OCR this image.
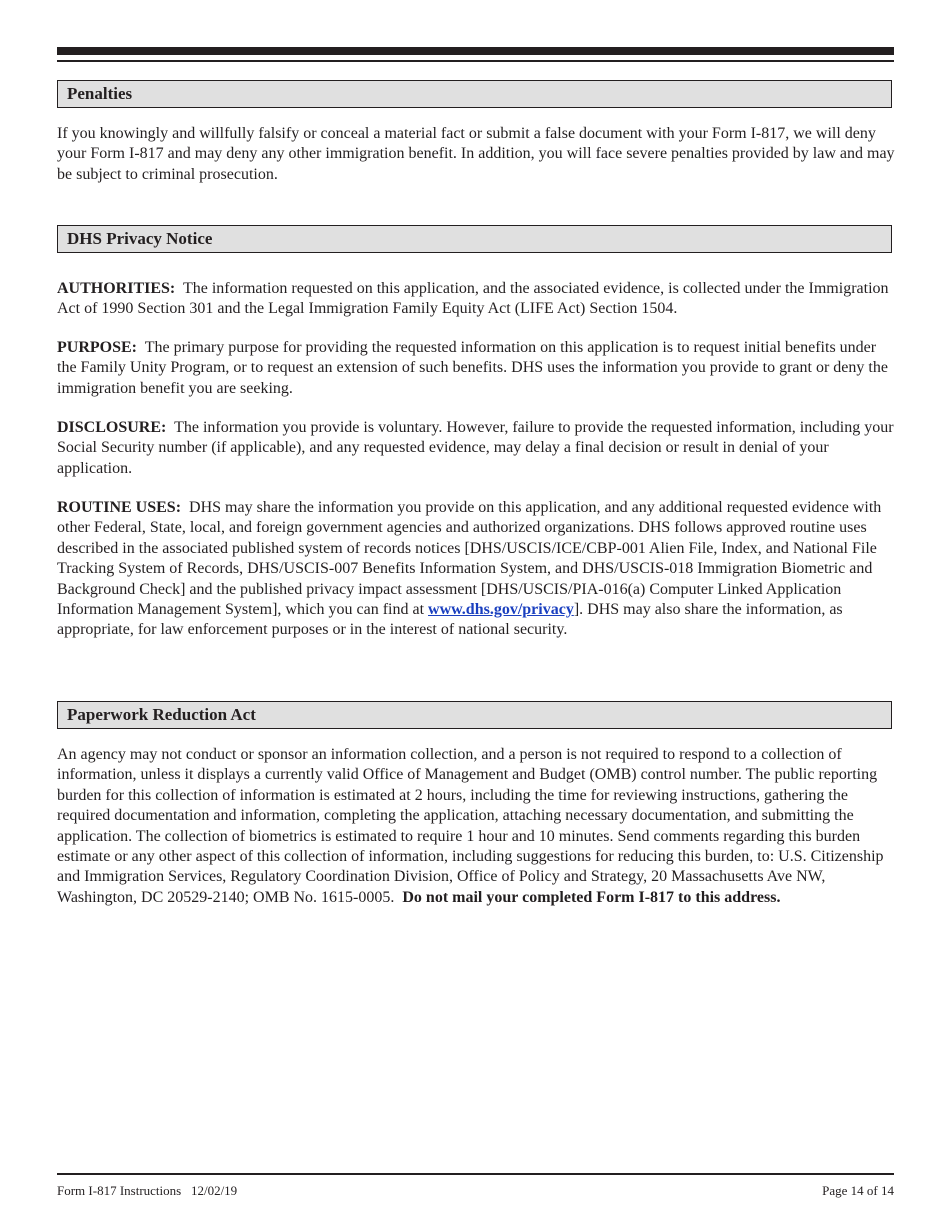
Penalties

If you knowingly and willfully falsify or conceal a material fact or submit a false document with your Form I-817, we will deny your Form I-817 and may deny any other immigration benefit. In addition, you will face severe penalties provided by law and may be subject to criminal prosecution.

DHS Privacy Notice

AUTHORITIES: The information requested on this application, and the associated evidence, is collected under the Immigration Act of 1990 Section 301 and the Legal Immigration Family Equity Act (LIFE Act) Section 1504.

PURPOSE: The primary purpose for providing the requested information on this application is to request initial benefits under the Family Unity Program, or to request an extension of such benefits. DHS uses the information you provide to grant or deny the immigration benefit you are seeking.

DISCLOSURE: The information you provide is voluntary. However, failure to provide the requested information, including your Social Security number (if applicable), and any requested evidence, may delay a final decision or result in denial of your application.

ROUTINE USES: DHS may share the information you provide on this application, and any additional requested evidence with other Federal, State, local, and foreign government agencies and authorized organizations. DHS follows approved routine uses described in the associated published system of records notices [DHS/USCIS/ICE/CBP-001 Alien File, Index, and National File Tracking System of Records, DHS/USCIS-007 Benefits Information System, and DHS/USCIS-018 Immigration Biometric and Background Check] and the published privacy impact assessment [DHS/USCIS/PIA-016(a) Computer Linked Application Information Management System], which you can find at www.dhs.gov/privacy]. DHS may also share the information, as appropriate, for law enforcement purposes or in the interest of national security.

Paperwork Reduction Act

An agency may not conduct or sponsor an information collection, and a person is not required to respond to a collection of information, unless it displays a currently valid Office of Management and Budget (OMB) control number. The public reporting burden for this collection of information is estimated at 2 hours, including the time for reviewing instructions, gathering the required documentation and information, completing the application, attaching necessary documentation, and submitting the application. The collection of biometrics is estimated to require 1 hour and 10 minutes. Send comments regarding this burden estimate or any other aspect of this collection of information, including suggestions for reducing this burden, to: U.S. Citizenship and Immigration Services, Regulatory Coordination Division, Office of Policy and Strategy, 20 Massachusetts Ave NW, Washington, DC 20529-2140; OMB No. 1615-0005. Do not mail your completed Form I-817 to this address.

Form I-817 Instructions   12/02/19	Page 14 of 14
